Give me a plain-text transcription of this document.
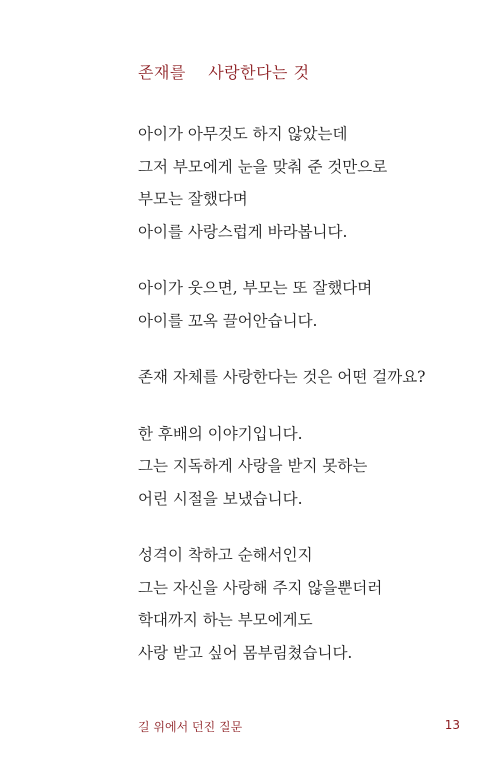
존재를    사랑한다는 것
아이가 아무것도 하지 않았는데
그저 부모에게 눈을 맞춰 준 것만으로
부모는 잘했다며
아이를 사랑스럽게 바라봅니다.
아이가 웃으면, 부모는 또 잘했다며
아이를 꼬옥 끌어안습니다.
존재 자체를 사랑한다는 것은 어떤 걸까요?
한 후배의 이야기입니다.
그는 지독하게 사랑을 받지 못하는
어린 시절을 보냈습니다.
성격이 착하고 순해서인지
그는 자신을 사랑해 주지 않을뿐더러
학대까지 하는 부모에게도
사랑 받고 싶어 몸부림쳤습니다.
길 위에서 던진 질문	13
